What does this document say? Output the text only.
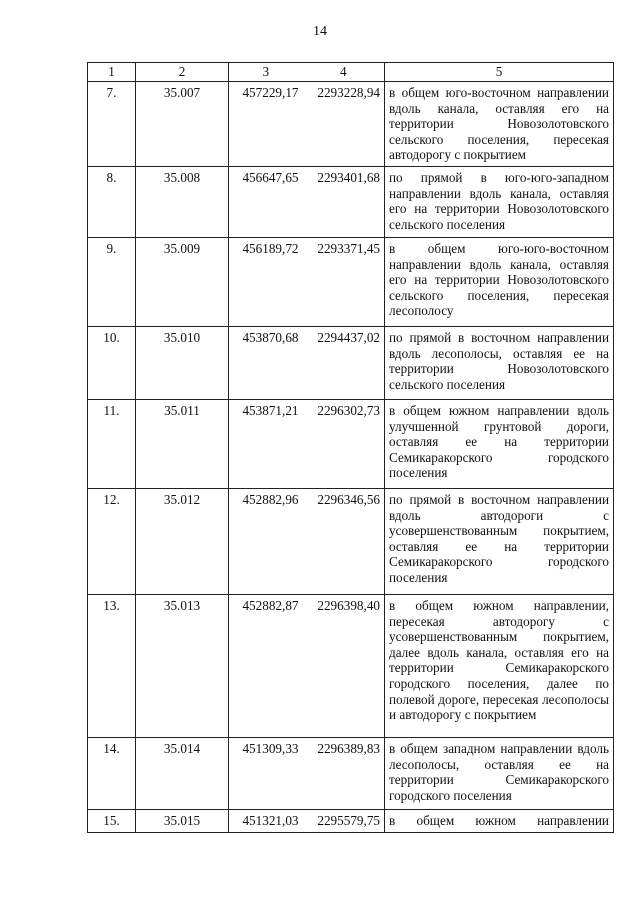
14
1	2	3	4	5
7.	35.007	457229,17	2293228,94	в общем юго-восточном направлении вдоль канала, оставляя его на территории Новозолотовского сельского поселения, пересекая автодорогу с покрытием
8.	35.008	456647,65	2293401,68	по прямой в юго-юго-западном направлении вдоль канала, оставляя его на территории Новозолотовского сельского поселения
9.	35.009	456189,72	2293371,45	в общем юго-юго-восточном направлении вдоль канала, оставляя его на территории Новозолотовского сельского поселения, пересекая лесополосу
10.	35.010	453870,68	2294437,02	по прямой в восточном направлении вдоль лесополосы, оставляя ее на территории Новозолотовского сельского поселения
11.	35.011	453871,21	2296302,73	в общем южном направлении вдоль улучшенной грунтовой дороги, оставляя ее на территории Семикаракорского городского поселения
12.	35.012	452882,96	2296346,56	по прямой в восточном направлении вдоль автодороги с усовершенствованным покрытием, оставляя ее на территории Семикаракорского городского поселения
13.	35.013	452882,87	2296398,40	в общем южном направлении, пересекая автодорогу с усовершенствованным покрытием, далее вдоль канала, оставляя его на территории Семикаракорского городского поселения, далее по полевой дороге, пересекая лесополосы и автодорогу с покрытием
14.	35.014	451309,33	2296389,83	в общем западном направлении вдоль лесополосы, оставляя ее на территории Семикаракорского городского поселения
15.	35.015	451321,03	2295579,75	в общем южном направлении
